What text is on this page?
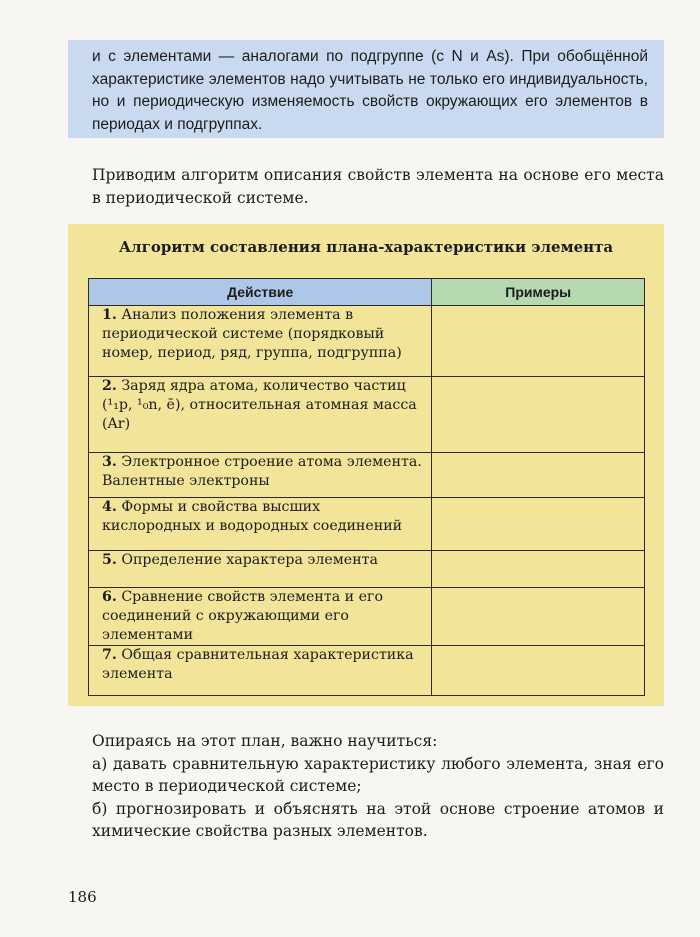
и с элементами — аналогами по подгруппе (с N и As). При обобщённой характеристике элементов надо учитывать не только его индивидуальность, но и периодическую изменяемость свойств окружающих его элементов в периодах и подгруппах.

Приводим алгоритм описания свойств элемента на основе его места в периодической системе.

Алгоритм составления плана-характеристики элемента

Действие	Примеры
1. Анализ положения элемента в периодической системе (порядковый номер, период, ряд, группа, подгруппа)	
2. Заряд ядра атома, количество частиц (¹₁p, ¹₀n, ē), относительная атомная масса (Ar)	
3. Электронное строение атома элемента. Валентные электроны	
4. Формы и свойства высших кислородных и водородных соединений	
5. Определение характера элемента	
6. Сравнение свойств элемента и его соединений с окружающими его элементами	
7. Общая сравнительная характеристика элемента	

Опираясь на этот план, важно научиться:

а) давать сравнительную характеристику любого элемента, зная его место в периодической системе;

б) прогнозировать и объяснять на этой основе строение атомов и химические свойства разных элементов.

186
